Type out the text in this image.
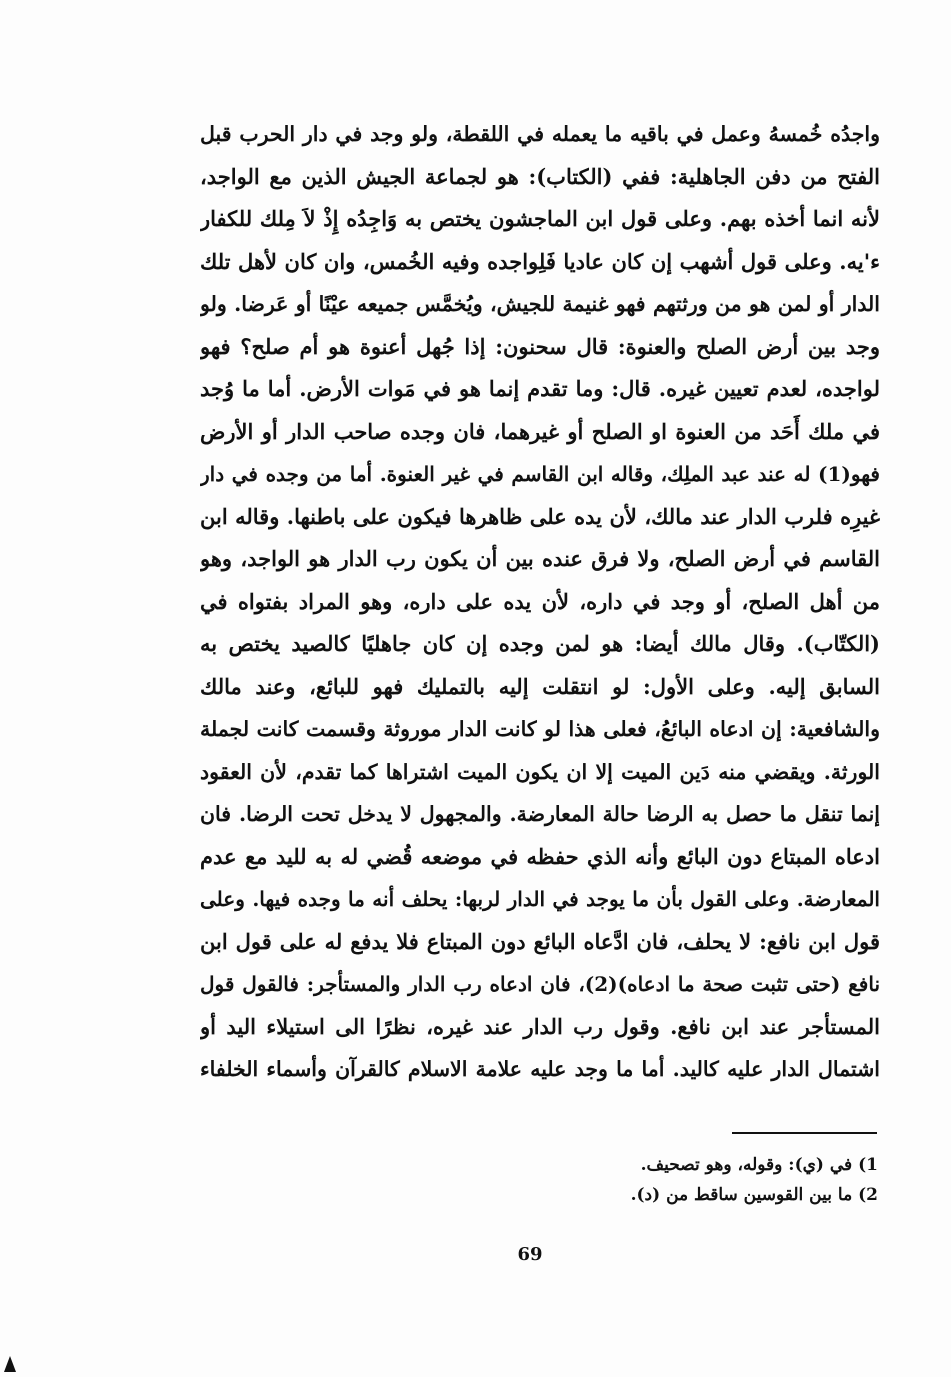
واجدُه خُمسهُ وعمل في باقيه ما يعمله في اللقطة، ولو وجد في دار الحرب قبل
الفتح من دفن الجاهلية: ففي (الكتاب): هو لجماعة الجيش الذين مع الواجد،
لأنه انما أخذه بهم. وعلى قول ابن الماجشون يختص به وَاجِدُه إِذْ لاَ مِلك للكفار
ء'يه. وعلى قول أشهب إن كان عاديا فَلِواجده وفيه الخُمس، وان كان لأهل تلك
الدار أو لمن هو من ورثتهم فهو غنيمة للجيش، ويُخمَّس جميعه عيْنًا أو عَرضا. ولو
وجد بين أرض الصلح والعنوة: قال سحنون: إذا جُهل أعنوة هو أم صلح؟ فهو
لواجده، لعدم تعيين غيره. قال: وما تقدم إنما هو في مَوات الأرض. أما ما وُجد
في ملك أَحَد من العنوة او الصلح أو غيرهما، فان وجده صاحب الدار أو الأرض
فهو(1) له عند عبد الملِك، وقاله ابن القاسم في غير العنوة. أما من وجده في دار
غيرِه فلرب الدار عند مالك، لأن يده على ظاهرها فيكون على باطنها. وقاله ابن
القاسم في أرض الصلح، ولا فرق عنده بين أن يكون رب الدار هو الواجد، وهو
من أهل الصلح، أو وجد في داره، لأن يده على داره، وهو المراد بفتواه في
(الكتّاب). وقال مالك أيضا: هو لمن وجده إن كان جاهليًا كالصيد يختص به
السابق إليه. وعلى الأول: لو انتقلت إليه بالتمليك فهو للبائع، وعند مالك
والشافعية: إن ادعاه البائعُ، فعلى هذا لو كانت الدار موروثة وقسمت كانت لجملة
الورثة. ويقضي منه دَين الميت إلا ان يكون الميت اشتراها كما تقدم، لأن العقود
إنما تنقل ما حصل به الرضا حالة المعارضة. والمجهول لا يدخل تحت الرضا. فان
ادعاه المبتاع دون البائع وأنه الذي حفظه في موضعه قُضي له به لليد مع عدم
المعارضة. وعلى القول بأن ما يوجد في الدار لربها: يحلف أنه ما وجده فيها. وعلى
قول ابن نافع: لا يحلف، فان ادَّعاه البائع دون المبتاع فلا يدفع له على قول ابن
نافع (حتى تثبت صحة ما ادعاه)(2)، فان ادعاه رب الدار والمستأجر: فالقول قول
المستأجر عند ابن نافع. وقول رب الدار عند غيره، نظرًا الى استيلاء اليد أو
اشتمال الدار عليه كاليد. أما ما وجد عليه علامة الاسلام كالقرآن وأسماء الخلفاء
1) في (ي): وقوله، وهو تصحيف.
2) ما بين القوسين ساقط من (د).
69
